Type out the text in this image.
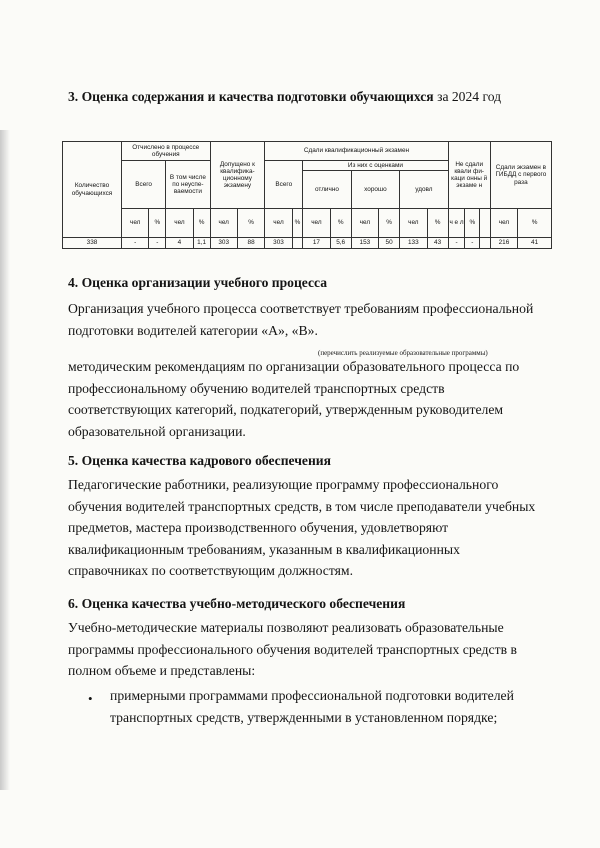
3. Оценка содержания и качества подготовки обучающихся за 2024 год
Количество обучающихся	Отчислено в процессе обучения				Допущено к квалифика-ционному экзамену		Сдали квалификационный экзамен								Не сдали квали фи-каци онны й экзаме н			Сдали экзамен в ГИБДД с первого раза	
	Всего		В том числе по неуспе-ваемости				Всего		Из них с оценками										
									отлично		хорошо		удовл						
	чел	%	чел	%	чел	%	чел	%	чел	%	чел	%	чел	%	ч е л	%		чел	%
338	-	-	4	1,1	303	88	303		17	5,6	153	50	133	43	-	-		216	41
4. Оценка организации учебного процесса
Организация учебного процесса соответствует требованиям профессиональной
подготовки водителей категории «А», «В».
(перечислить реализуемые образовательные программы)
методическим рекомендациям по организации образовательного процесса по
профессиональному обучению водителей транспортных средств
соответствующих категорий, подкатегорий, утвержденным руководителем
образовательной организации.
5. Оценка качества кадрового обеспечения
Педагогические работники, реализующие программу профессионального
обучения водителей транспортных средств, в том числе преподаватели учебных
предметов, мастера производственного обучения, удовлетворяют
квалификационным требованиям, указанным в квалификационных
справочниках по соответствующим должностям.
6. Оценка качества учебно-методического обеспечения
Учебно-методические материалы позволяют реализовать образовательные
программы профессионального обучения водителей транспортных средств в
полном объеме и представлены:
• примерными программами профессиональной подготовки водителей
транспортных средств, утвержденными в установленном порядке;
